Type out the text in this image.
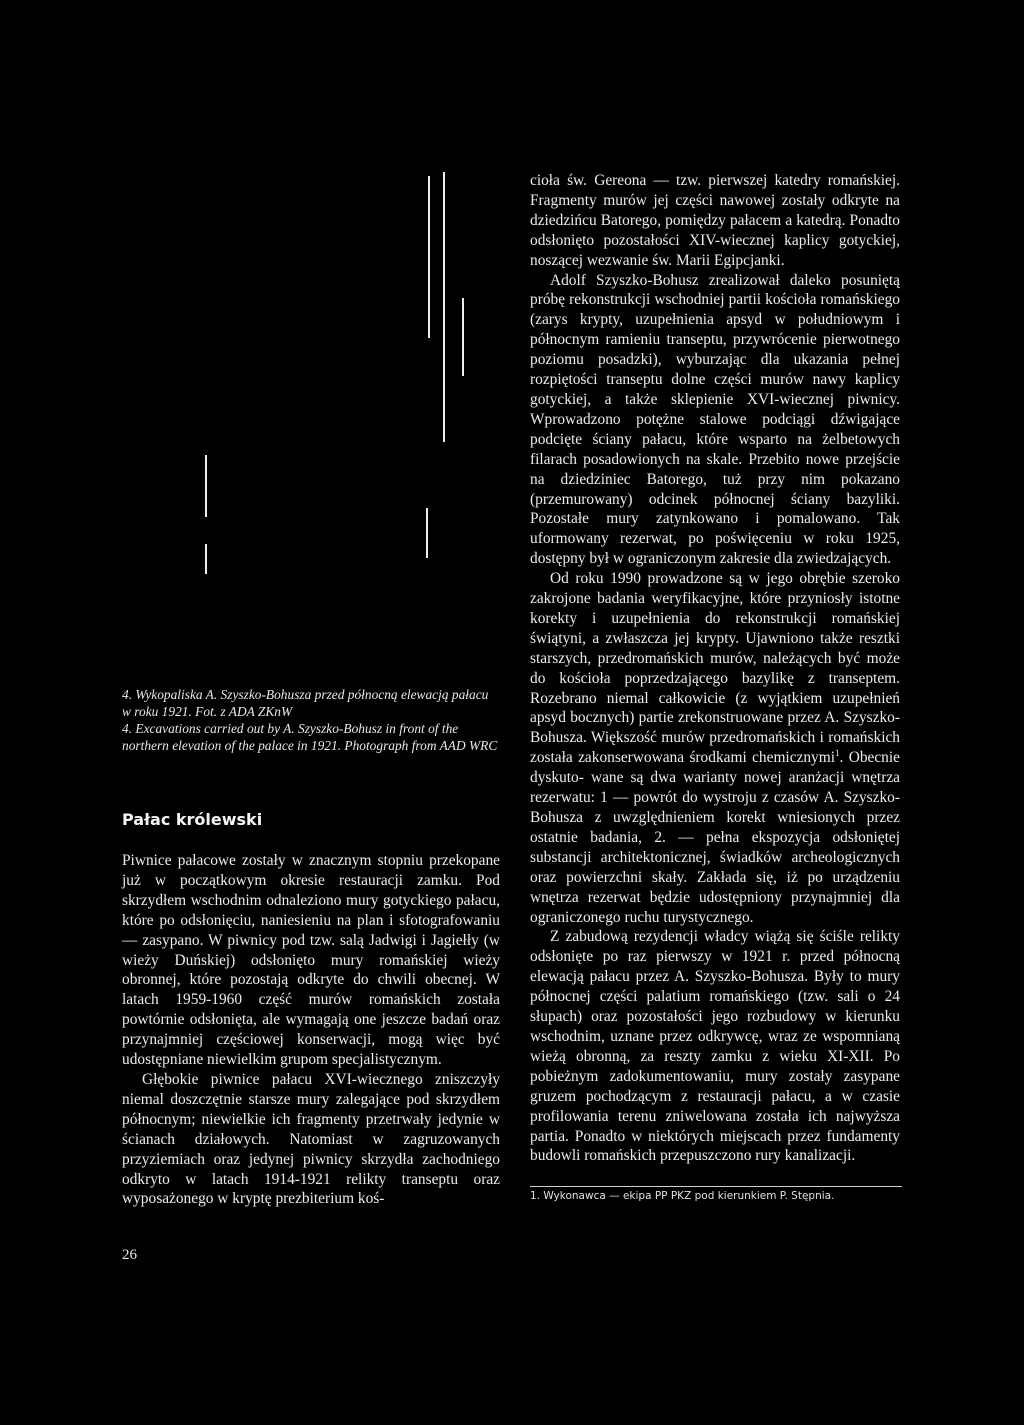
4. Wykopaliska A. Szyszko-Bohusza przed północną elewacją pałacu w roku 1921. Fot. z ADA ZKnW

4. Excavations carried out by A. Szyszko-Bohusz in front of the northern elevation of the palace in 1921. Photograph from AAD WRC

Pałac królewski

Piwnice pałacowe zostały w znacznym stopniu przekopane już w początkowym okresie restauracji zamku. Pod skrzydłem wschodnim odnaleziono mury gotyckiego pałacu, które po odsłonięciu, naniesieniu na plan i sfotografowaniu — zasypano. W piwnicy pod tzw. salą Jadwigi i Jagiełły (w wieży Duńskiej) odsłonięto mury romańskiej wieży obronnej, które pozostają odkryte do chwili obecnej. W latach 1959-1960 część murów romańskich została powtórnie odsłonięta, ale wymagają one jeszcze badań oraz przynajmniej częściowej konserwacji, mogą więc być udostępniane niewielkim grupom specjalistycznym.

Głębokie piwnice pałacu XVI-wiecznego zniszczyły niemal doszczętnie starsze mury zalegające pod skrzydłem północnym; niewielkie ich fragmenty przetrwały jedynie w ścianach działowych. Natomiast w zagruzowanych przyziemiach oraz jedynej piwnicy skrzydła zachodniego odkryto w latach 1914-1921 relikty transeptu oraz wyposażonego w kryptę prezbiterium koś-

cioła św. Gereona — tzw. pierwszej katedry romańskiej. Fragmenty murów jej części nawowej zostały odkryte na dziedzińcu Batorego, pomiędzy pałacem a katedrą. Ponadto odsłonięto pozostałości XIV-wiecznej kaplicy gotyckiej, noszącej wezwanie św. Marii Egipcjanki.

Adolf Szyszko-Bohusz zrealizował daleko posuniętą próbę rekonstrukcji wschodniej partii kościoła romańskiego (zarys krypty, uzupełnienia apsyd w południowym i północnym ramieniu transeptu, przywrócenie pierwotnego poziomu posadzki), wyburzając dla ukazania pełnej rozpiętości transeptu dolne części murów nawy kaplicy gotyckiej, a także sklepienie XVI-wiecznej piwnicy. Wprowadzono potężne stalowe podciągi dźwigające podcięte ściany pałacu, które wsparto na żelbetowych filarach posadowionych na skale. Przebito nowe przejście na dziedziniec Batorego, tuż przy nim pokazano (przemurowany) odcinek północnej ściany bazyliki. Pozostałe mury zatynkowano i pomalowano. Tak uformowany rezerwat, po poświęceniu w roku 1925, dostępny był w ograniczonym zakresie dla zwiedzających.

Od roku 1990 prowadzone są w jego obrębie szeroko zakrojone badania weryfikacyjne, które przyniosły istotne korekty i uzupełnienia do rekonstrukcji romańskiej świątyni, a zwłaszcza jej krypty. Ujawniono także resztki starszych, przedromańskich murów, należących być może do kościoła poprzedzającego bazylikę z transeptem. Rozebrano niemal całkowicie (z wyjątkiem uzupełnień apsyd bocznych) partie zrekonstruowane przez A. Szyszko-Bohusza. Większość murów przedromańskich i romańskich została zakonserwowana środkami chemicznymi$^1$. Obecnie dyskuto- wane są dwa warianty nowej aranżacji wnętrza rezerwatu: 1 — powrót do wystroju z czasów A. Szyszko-Bohusza z uwzględnieniem korekt wniesionych przez ostatnie badania, 2. — pełna ekspozycja odsłoniętej substancji architektonicznej, świadków archeologicznych oraz powierzchni skały. Zakłada się, iż po urządzeniu wnętrza rezerwat będzie udostępniony przynajmniej dla ograniczonego ruchu turystycznego.

Z zabudową rezydencji władcy wiążą się ściśle relikty odsłonięte po raz pierwszy w 1921 r. przed północną elewacją pałacu przez A. Szyszko-Bohusza. Były to mury północnej części palatium romańskiego (tzw. sali o 24 słupach) oraz pozostałości jego rozbudowy w kierunku wschodnim, uznane przez odkrywcę, wraz ze wspomnianą wieżą obronną, za reszty zamku z wieku XI-XII. Po pobieżnym zadokumentowaniu, mury zostały zasypane gruzem pochodzącym z restauracji pałacu, a w czasie profilowania terenu zniwelowana została ich najwyższa partia. Ponadto w niektórych miejscach przez fundamenty budowli romańskich przepuszczono rury kanalizacji.

1. Wykonawca — ekipa PP PKZ pod kierunkiem P. Stępnia.

26
